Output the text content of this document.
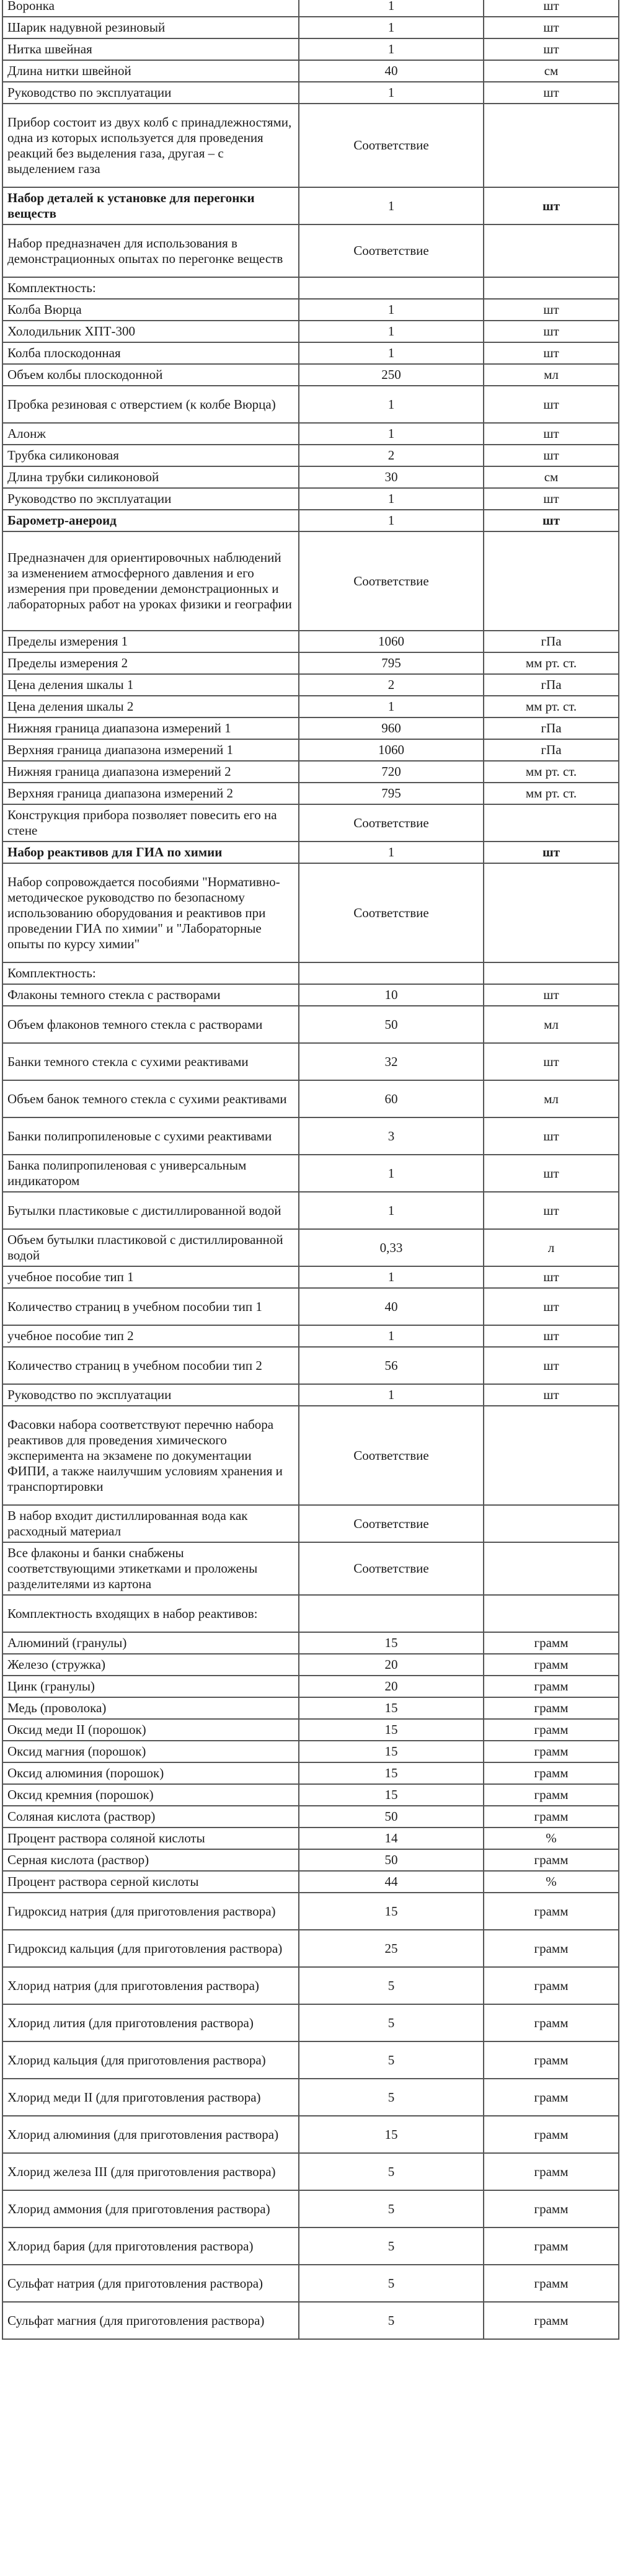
Воронка	1	шт
Шарик надувной резиновый	1	шт
Нитка швейная	1	шт
Длина нитки швейной	40	см
Руководство по эксплуатации	1	шт
Прибор состоит из двух колб с принадлежностями, одна из которых используется для проведения реакций без выделения газа, другая – с выделением газа	Соответствие	
Набор деталей к установке для перегонки веществ	1	шт
Набор предназначен для использования в демонстрационных опытах по перегонке веществ	Соответствие	
Комплектность:		
Колба Вюрца	1	шт
Холодильник ХПТ-300	1	шт
Колба плоскодонная	1	шт
Объем колбы плоскодонной	250	мл
Пробка резиновая с отверстием (к колбе Вюрца)	1	шт
Алонж	1	шт
Трубка силиконовая	2	шт
Длина трубки силиконовой	30	см
Руководство по эксплуатации	1	шт
Барометр-анероид	1	шт
Предназначен для ориентировочных наблюдений за изменением атмосферного давления и его измерения при проведении демонстрационных и лабораторных работ на уроках физики и географии	Соответствие	
Пределы измерения 1	1060	гПа
Пределы измерения 2	795	мм рт. ст.
Цена деления шкалы 1	2	гПа
Цена деления шкалы 2	1	мм рт. ст.
Нижняя граница диапазона измерений 1	960	гПа
Верхняя граница диапазона измерений 1	1060	гПа
Нижняя граница диапазона измерений 2	720	мм рт. ст.
Верхняя граница диапазона измерений 2	795	мм рт. ст.
Конструкция прибора позволяет повесить его на стене	Соответствие	
Набор реактивов для ГИА по химии	1	шт
Набор сопровождается пособиями "Нормативно-методическое руководство по безопасному использованию оборудования и реактивов при проведении ГИА по химии" и "Лабораторные опыты по курсу химии"	Соответствие	
Комплектность:		
Флаконы темного стекла с растворами	10	шт
Объем флаконов темного стекла с растворами	50	мл
Банки темного стекла с сухими реактивами	32	шт
Объем банок темного стекла с сухими реактивами	60	мл
Банки полипропиленовые с сухими реактивами	3	шт
Банка полипропиленовая с универсальным индикатором	1	шт
Бутылки пластиковые с дистиллированной водой	1	шт
Объем бутылки пластиковой с дистиллированной водой	0,33	л
учебное пособие тип 1	1	шт
Количество страниц в учебном пособии тип 1	40	шт
учебное пособие тип 2	1	шт
Количество страниц в учебном пособии тип 2	56	шт
Руководство по эксплуатации	1	шт
Фасовки набора соответствуют перечню набора реактивов для проведения химического эксперимента на экзамене по документации ФИПИ, а также наилучшим условиям хранения и транспортировки	Соответствие	
В набор входит дистиллированная вода как расходный материал	Соответствие	
Все флаконы и банки снабжены соответствующими этикетками и проложены разделителями из картона	Соответствие	
Комплектность входящих в набор реактивов:		
Алюминий (гранулы)	15	грамм
Железо (стружка)	20	грамм
Цинк (гранулы)	20	грамм
Медь (проволока)	15	грамм
Оксид меди II (порошок)	15	грамм
Оксид магния (порошок)	15	грамм
Оксид алюминия (порошок)	15	грамм
Оксид кремния (порошок)	15	грамм
Соляная кислота (раствор)	50	грамм
Процент раствора соляной кислоты	14	%
Серная кислота (раствор)	50	грамм
Процент раствора серной кислоты	44	%
Гидроксид натрия (для приготовления раствора)	15	грамм
Гидроксид кальция (для приготовления раствора)	25	грамм
Хлорид натрия (для приготовления раствора)	5	грамм
Хлорид лития (для приготовления раствора)	5	грамм
Хлорид кальция (для приготовления раствора)	5	грамм
Хлорид меди II (для приготовления раствора)	5	грамм
Хлорид алюминия (для приготовления раствора)	15	грамм
Хлорид железа III (для приготовления раствора)	5	грамм
Хлорид аммония (для приготовления раствора)	5	грамм
Хлорид бария (для приготовления раствора)	5	грамм
Сульфат натрия (для приготовления раствора)	5	грамм
Сульфат магния (для приготовления раствора)	5	грамм
